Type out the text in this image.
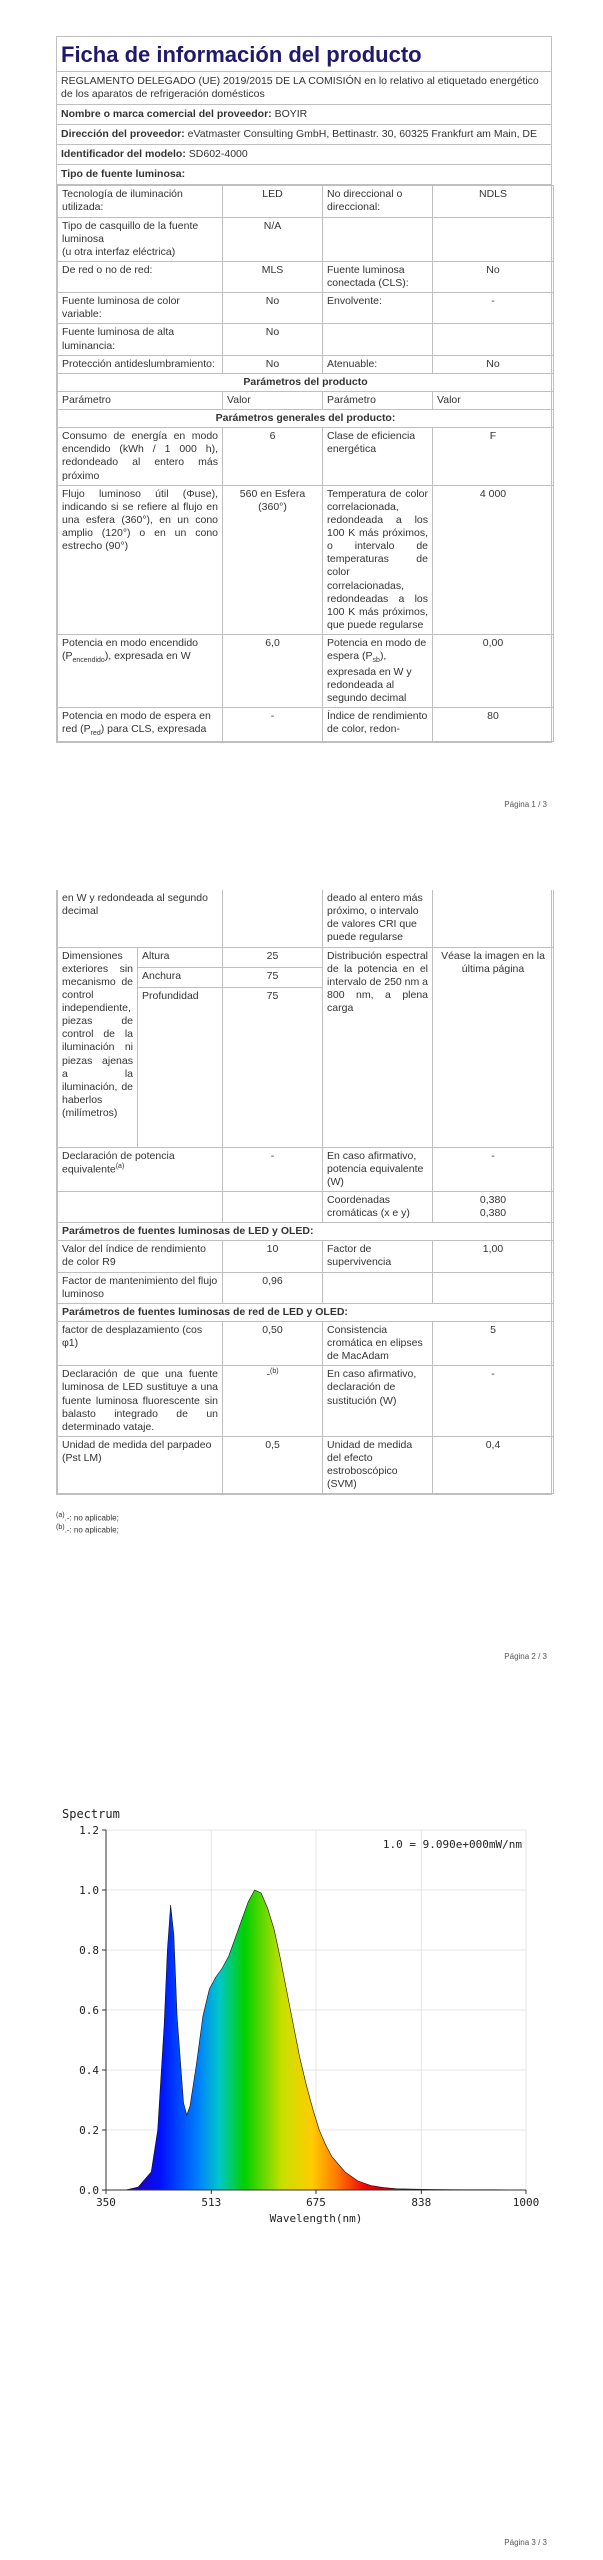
Ficha de información del producto
REGLAMENTO DELEGADO (UE) 2019/2015 DE LA COMISIÓN en lo relativo al etiquetado energético de los aparatos de refrigeración domésticos
Nombre o marca comercial del proveedor: BOYIR
Dirección del proveedor: eVatmaster Consulting GmbH, Bettinastr. 30, 60325 Frankfurt am Main, DE
Identificador del modelo: SD602-4000
Tipo de fuente luminosa:
Tecnología de iluminación utilizada:	LED	No direccional o direccional:	NDLS
Tipo de casquillo de la fuente luminosa
(u otra interfaz eléctrica)	N/A		
De red o no de red:	MLS	Fuente luminosa conectada (CLS):	No
Fuente luminosa de color variable:	No	Envolvente:	-
Fuente luminosa de alta luminancia:	No		
Protección antideslumbramiento:	No	Atenuable:	No
Parámetros del producto			
Parámetro	Valor	Parámetro	Valor
Parámetros generales del producto:			
Consumo de energía en modo encendido (kWh / 1 000 h), redondeado al entero más próximo	6	Clase de eficiencia energética	F
Flujo luminoso útil (Φuse), indicando si se refiere al flujo en una esfera (360°), en un cono amplio (120°) o en un cono estrecho (90°)	560 en Esfera (360°)	Temperatura de color correlacionada, redondeada a los 100 K más próximos, o intervalo de temperaturas de color correlacionadas, redondeadas a los 100 K más próximos, que puede regularse	4 000
Potencia en modo encendido $(P_{encendido})$, expresada en W	6,0	Potencia en modo de espera $(P_{sb})$, expresada en W y redondeada al segundo decimal	0,00
Potencia en modo de espera en red $(P_{red})$ para CLS, expresada	-	Índice de rendimiento de color, redon-	80
Página 1 / 3
en W y redondeada al segundo decimal			deado al entero más próximo, o intervalo de valores CRI que puede regularse	
Dimensiones exteriores sin mecanismo de control independiente, piezas de control de la iluminación ni piezas ajenas a la iluminación, de haberlos (milímetros)	Altura	25	Distribución espectral de la potencia en el intervalo de 250 nm a 800 nm, a plena carga	Véase la imagen en la última página
	Anchura	75		
	Profundidad	75		
Declaración de potencia equivalente$^{(a)}$		-	En caso afirmativo, potencia equivalente (W)	-
			Coordenadas cromáticas (x e y)	0,380
0,380

Parámetros de fuentes luminosas de LED y OLED:				
Valor del índice de rendimiento de color R9		10	Factor de supervivencia	1,00
Factor de mantenimiento del flujo luminoso		0,96		
Parámetros de fuentes luminosas de red de LED y OLED:				
factor de desplazamiento (cos φ1)		0,50	Consistencia cromática en elipses de MacAdam	5
Declaración de que una fuente luminosa de LED sustituye a una fuente luminosa fluorescente sin balasto integrado de un determinado vataje.		-$^{(b)}$	En caso afirmativo, declaración de sustitución (W)	-
Unidad de medida del parpadeo (Pst LM)		0,5	Unidad de medida del efecto estroboscópico (SVM)	0,4
$^{(a)}$.-: no aplicable;
$^{(b)}$.-: no aplicable;
Página 2 / 3
350	513	675	838	1000
0.0
0.2
0.4
0.6
0.8
1.0
1.2
Spectrum
1.0 = 9.090e+000mW/nm
Wavelength(nm)
Página 3 / 3
